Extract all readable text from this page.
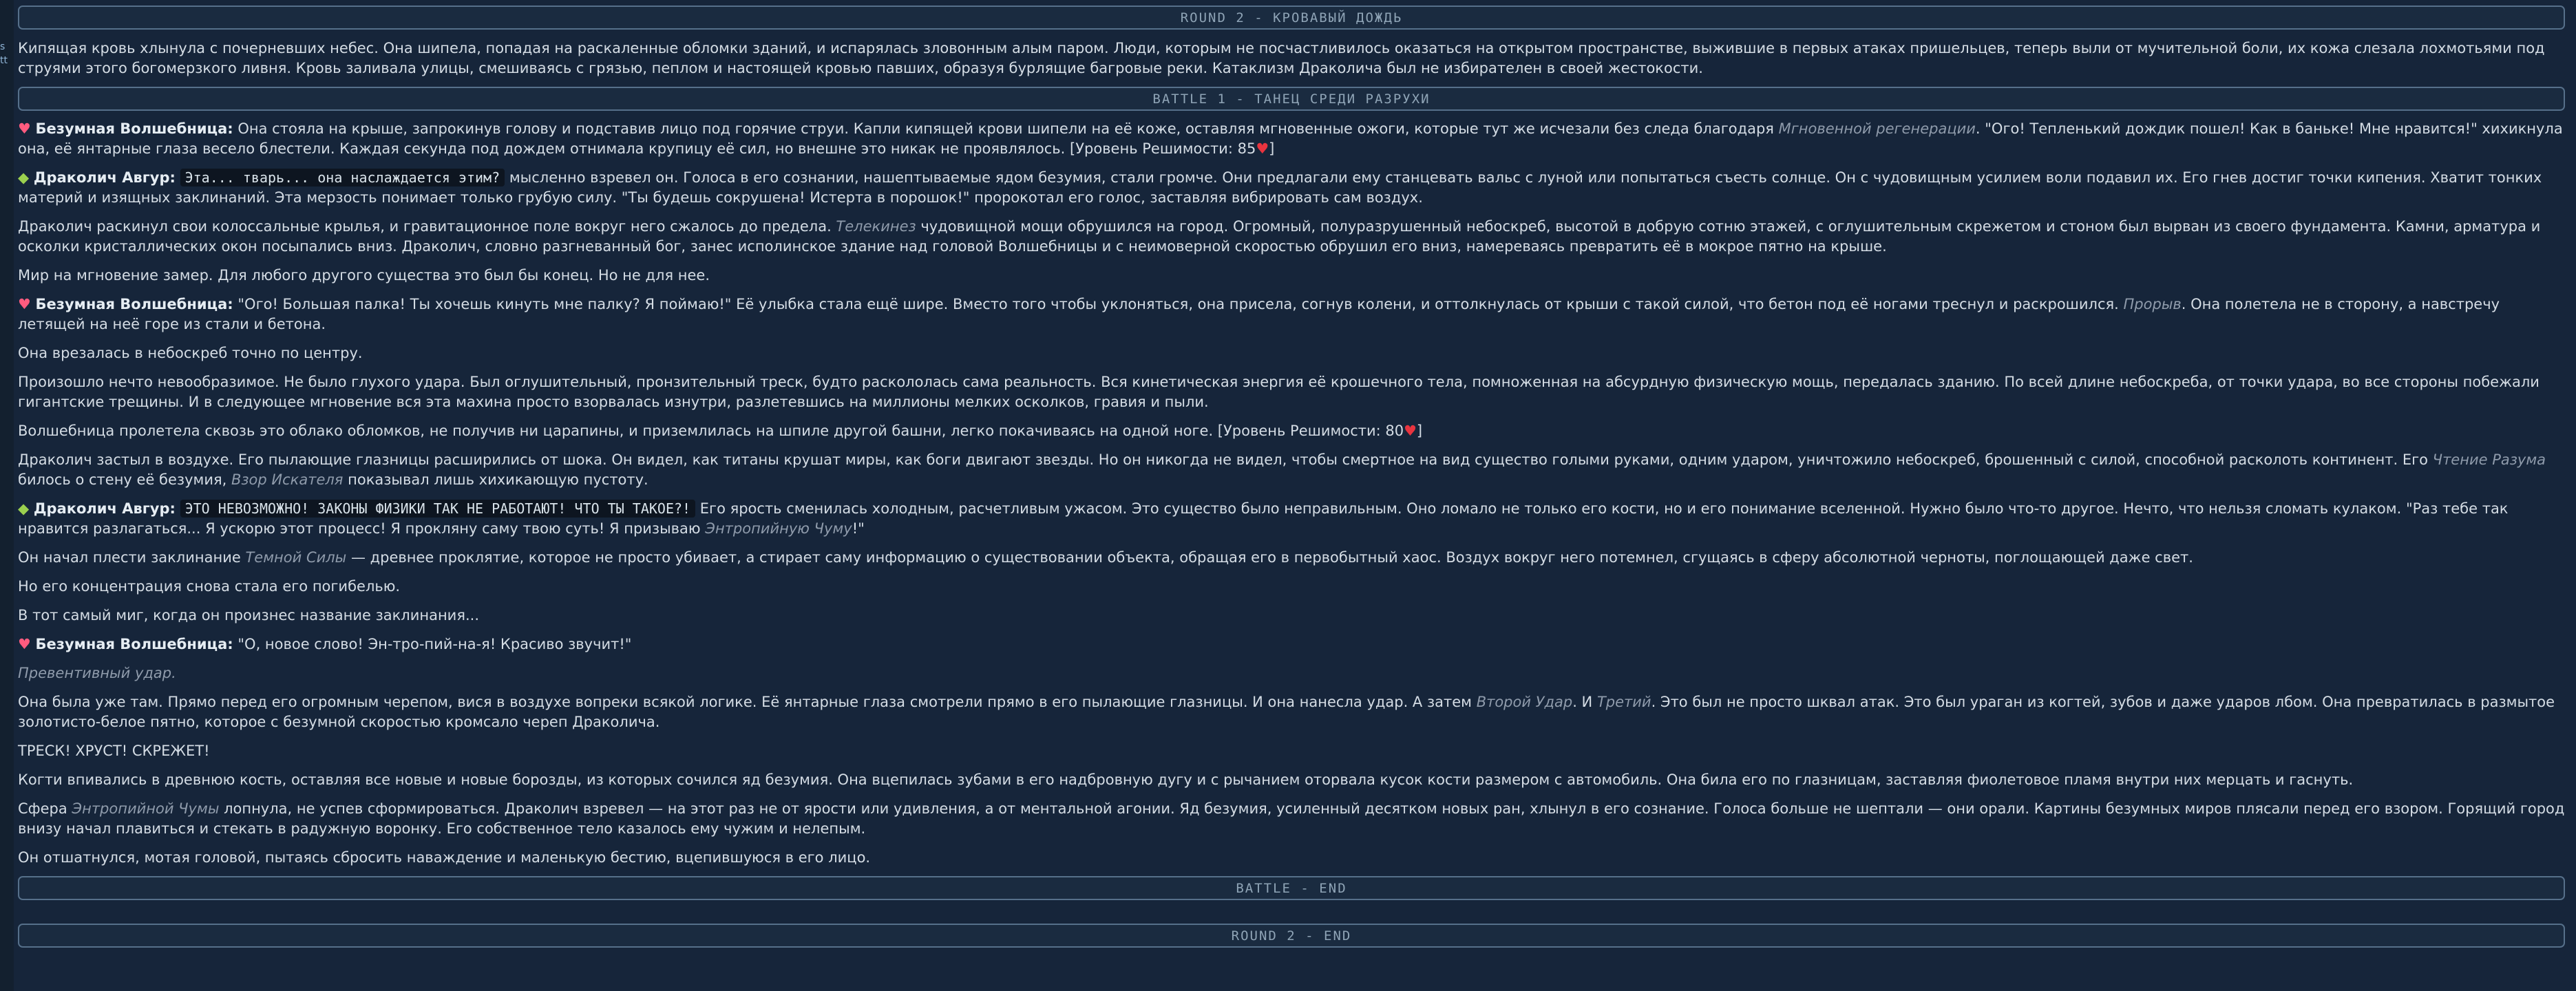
s
tt
ROUND 2 - КРОВАВЫЙ ДОЖДЬ

Кипящая кровь хлынула с почерневших небес. Она шипела, попадая на раскаленные обломки зданий, и испарялась зловонным алым паром. Люди, которым не посчастливилось оказаться на открытом пространстве, выжившие в первых атаках пришельцев, теперь выли от мучительной боли, их кожа слезала лохмотьями под струями этого богомерзкого ливня. Кровь заливала улицы, смешиваясь с грязью, пеплом и настоящей кровью павших, образуя бурлящие багровые реки. Катаклизм Драколича был не избирателен в своей жестокости.

BATTLE 1 - ТАНЕЦ СРЕДИ РАЗРУХИ

♥ Безумная Волшебница: Она стояла на крыше, запрокинув голову и подставив лицо под горячие струи. Капли кипящей крови шипели на её коже, оставляя мгновенные ожоги, которые тут же исчезали без следа благодаря Мгновенной регенерации. "Ого! Тепленький дождик пошел! Как в баньке! Мне нравится!" хихикнула она, её янтарные глаза весело блестели. Каждая секунда под дождем отнимала крупицу её сил, но внешне это никак не проявлялось. [Уровень Решимости: 85♥]

◆ Драколич Авгур: Эта... тварь... она наслаждается этим? мысленно взревел он. Голоса в его сознании, нашептываемые ядом безумия, стали громче. Они предлагали ему станцевать вальс с луной или попытаться съесть солнце. Он с чудовищным усилием воли подавил их. Его гнев достиг точки кипения. Хватит тонких материй и изящных заклинаний. Эта мерзость понимает только грубую силу. "Ты будешь сокрушена! Истерта в порошок!" пророкотал его голос, заставляя вибрировать сам воздух.

Драколич раскинул свои колоссальные крылья, и гравитационное поле вокруг него сжалось до предела. Телекинез чудовищной мощи обрушился на город. Огромный, полуразрушенный небоскреб, высотой в добрую сотню этажей, с оглушительным скрежетом и стоном был вырван из своего фундамента. Камни, арматура и осколки кристаллических окон посыпались вниз. Драколич, словно разгневанный бог, занес исполинское здание над головой Волшебницы и с неимоверной скоростью обрушил его вниз, намереваясь превратить её в мокрое пятно на крыше.

Мир на мгновение замер. Для любого другого существа это был бы конец. Но не для нее.

♥ Безумная Волшебница: "Ого! Большая палка! Ты хочешь кинуть мне палку? Я поймаю!" Её улыбка стала ещё шире. Вместо того чтобы уклоняться, она присела, согнув колени, и оттолкнулась от крыши с такой силой, что бетон под её ногами треснул и раскрошился. Прорыв. Она полетела не в сторону, а навстречу летящей на неё горе из стали и бетона.

Она врезалась в небоскреб точно по центру.

Произошло нечто невообразимое. Не было глухого удара. Был оглушительный, пронзительный треск, будто раскололась сама реальность. Вся кинетическая энергия её крошечного тела, помноженная на абсурдную физическую мощь, передалась зданию. По всей длине небоскреба, от точки удара, во все стороны побежали гигантские трещины. И в следующее мгновение вся эта махина просто взорвалась изнутри, разлетевшись на миллионы мелких осколков, гравия и пыли.

Волшебница пролетела сквозь это облако обломков, не получив ни царапины, и приземлилась на шпиле другой башни, легко покачиваясь на одной ноге. [Уровень Решимости: 80♥]

Драколич застыл в воздухе. Его пылающие глазницы расширились от шока. Он видел, как титаны крушат миры, как боги двигают звезды. Но он никогда не видел, чтобы смертное на вид существо голыми руками, одним ударом, уничтожило небоскреб, брошенный с силой, способной расколоть континент. Его Чтение Разума билось о стену её безумия, Взор Искателя показывал лишь хихикающую пустоту.

◆ Драколич Авгур: ЭТО НЕВОЗМОЖНО! ЗАКОНЫ ФИЗИКИ ТАК НЕ РАБОТАЮТ! ЧТО ТЫ ТАКОЕ?! Его ярость сменилась холодным, расчетливым ужасом. Это существо было неправильным. Оно ломало не только его кости, но и его понимание вселенной. Нужно было что-то другое. Нечто, что нельзя сломать кулаком. "Раз тебе так нравится разлагаться... Я ускорю этот процесс! Я прокляну саму твою суть! Я призываю Энтропийную Чуму!"

Он начал плести заклинание Темной Силы — древнее проклятие, которое не просто убивает, а стирает саму информацию о существовании объекта, обращая его в первобытный хаос. Воздух вокруг него потемнел, сгущаясь в сферу абсолютной черноты, поглощающей даже свет.

Но его концентрация снова стала его погибелью.

В тот самый миг, когда он произнес название заклинания...

♥ Безумная Волшебница: "О, новое слово! Эн-тро-пий-на-я! Красиво звучит!"

Превентивный удар.

Она была уже там. Прямо перед его огромным черепом, вися в воздухе вопреки всякой логике. Её янтарные глаза смотрели прямо в его пылающие глазницы. И она нанесла удар. А затем Второй Удар. И Третий. Это был не просто шквал атак. Это был ураган из когтей, зубов и даже ударов лбом. Она превратилась в размытое золотисто-белое пятно, которое с безумной скоростью кромсало череп Драколича.

ТРЕСК! ХРУСТ! СКРЕЖЕТ!

Когти впивались в древнюю кость, оставляя все новые и новые борозды, из которых сочился яд безумия. Она вцепилась зубами в его надбровную дугу и с рычанием оторвала кусок кости размером с автомобиль. Она била его по глазницам, заставляя фиолетовое пламя внутри них мерцать и гаснуть.

Сфера Энтропийной Чумы лопнула, не успев сформироваться. Драколич взревел — на этот раз не от ярости или удивления, а от ментальной агонии. Яд безумия, усиленный десятком новых ран, хлынул в его сознание. Голоса больше не шептали — они орали. Картины безумных миров плясали перед его взором. Горящий город внизу начал плавиться и стекать в радужную воронку. Его собственное тело казалось ему чужим и нелепым.

Он отшатнулся, мотая головой, пытаясь сбросить наваждение и маленькую бестию, вцепившуюся в его лицо.

BATTLE - END
ROUND 2 - END
